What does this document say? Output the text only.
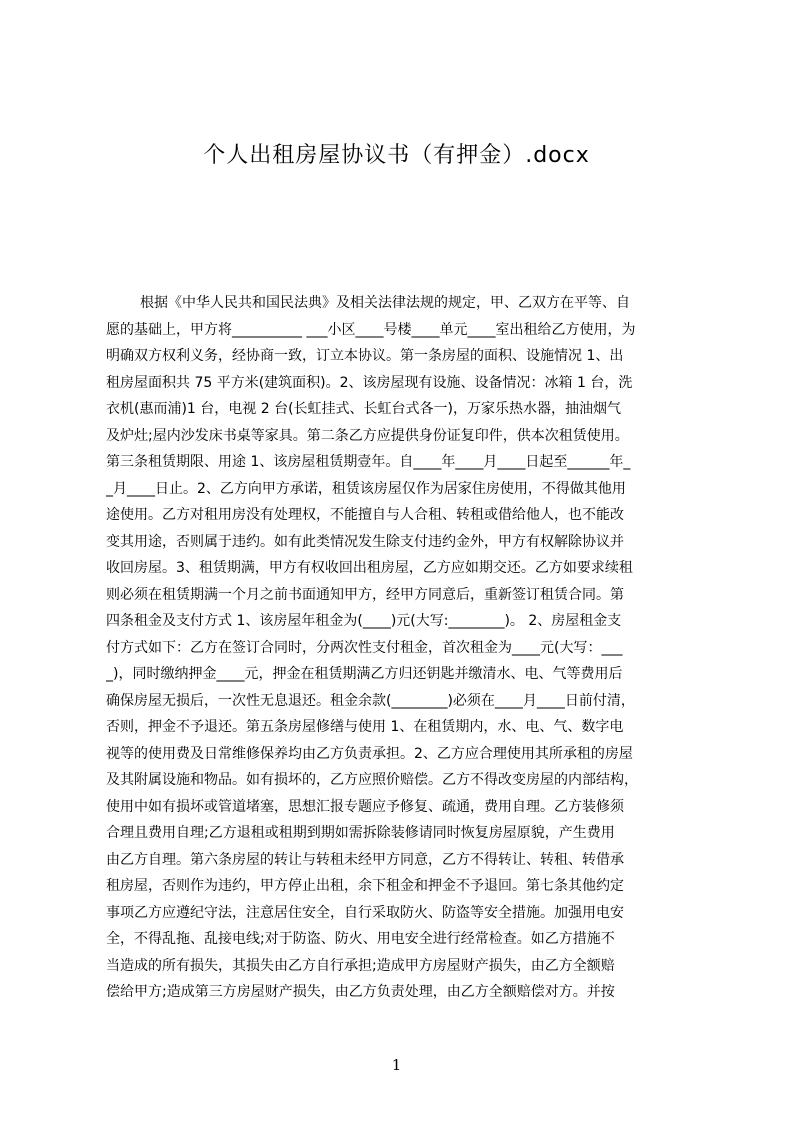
个人出租房屋协议书（有押金）.docx
根据《中华人民共和国民法典》及相关法律法规的规定，甲、乙双方在平等、自
愿的基础上，甲方将__________ ___小区____号楼____单元____室出租给乙方使用，为
明确双方权利义务，经协商一致，订立本协议。第一条房屋的面积、设施情况 1、出
租房屋面积共 75 平方米(建筑面积)。2、该房屋现有设施、设备情况：冰箱 1 台，洗
衣机(惠而浦)1 台，电视 2 台(长虹挂式、长虹台式各一)，万家乐热水器，抽油烟气
及炉灶;屋内沙发床书桌等家具。第二条乙方应提供身份证复印件，供本次租赁使用。
第三条租赁期限、用途 1、该房屋租赁期壹年。自____年____月____日起至______年_
_月____日止。2、乙方向甲方承诺，租赁该房屋仅作为居家住房使用，不得做其他用
途使用。乙方对租用房没有处理权，不能擅自与人合租、转租或借给他人，也不能改
变其用途，否则属于违约。如有此类情况发生除支付违约金外，甲方有权解除协议并
收回房屋。3、租赁期满，甲方有权收回出租房屋，乙方应如期交还。乙方如要求续租
则必须在租赁期满一个月之前书面通知甲方，经甲方同意后，重新签订租赁合同。第
四条租金及支付方式 1、该房屋年租金为(____)元(大写:________)。 2、房屋租金支
付方式如下：乙方在签订合同时，分两次性支付租金，首次租金为____元(大写：___
_)，同时缴纳押金____元，押金在租赁期满乙方归还钥匙并缴清水、电、气等费用后
确保房屋无损后，一次性无息退还。租金余款(________)必须在____月____日前付清，
否则，押金不予退还。第五条房屋修缮与使用 1、在租赁期内，水、电、气、数字电
视等的使用费及日常维修保养均由乙方负责承担。2、乙方应合理使用其所承租的房屋
及其附属设施和物品。如有损坏的，乙方应照价赔偿。乙方不得改变房屋的内部结构，
使用中如有损坏或管道堵塞，思想汇报专题应予修复、疏通，费用自理。乙方装修须
合理且费用自理;乙方退租或租期到期如需拆除装修请同时恢复房屋原貌，产生费用
由乙方自理。第六条房屋的转让与转租未经甲方同意，乙方不得转让、转租、转借承
租房屋，否则作为违约，甲方停止出租，余下租金和押金不予退回。第七条其他约定
事项乙方应遵纪守法，注意居住安全，自行采取防火、防盗等安全措施。加强用电安
全，不得乱拖、乱接电线;对于防盗、防火、用电安全进行经常检查。如乙方措施不
当造成的所有损失，其损失由乙方自行承担;造成甲方房屋财产损失，由乙方全额赔
偿给甲方;造成第三方房屋财产损失，由乙方负责处理，由乙方全额赔偿对方。并按
1
